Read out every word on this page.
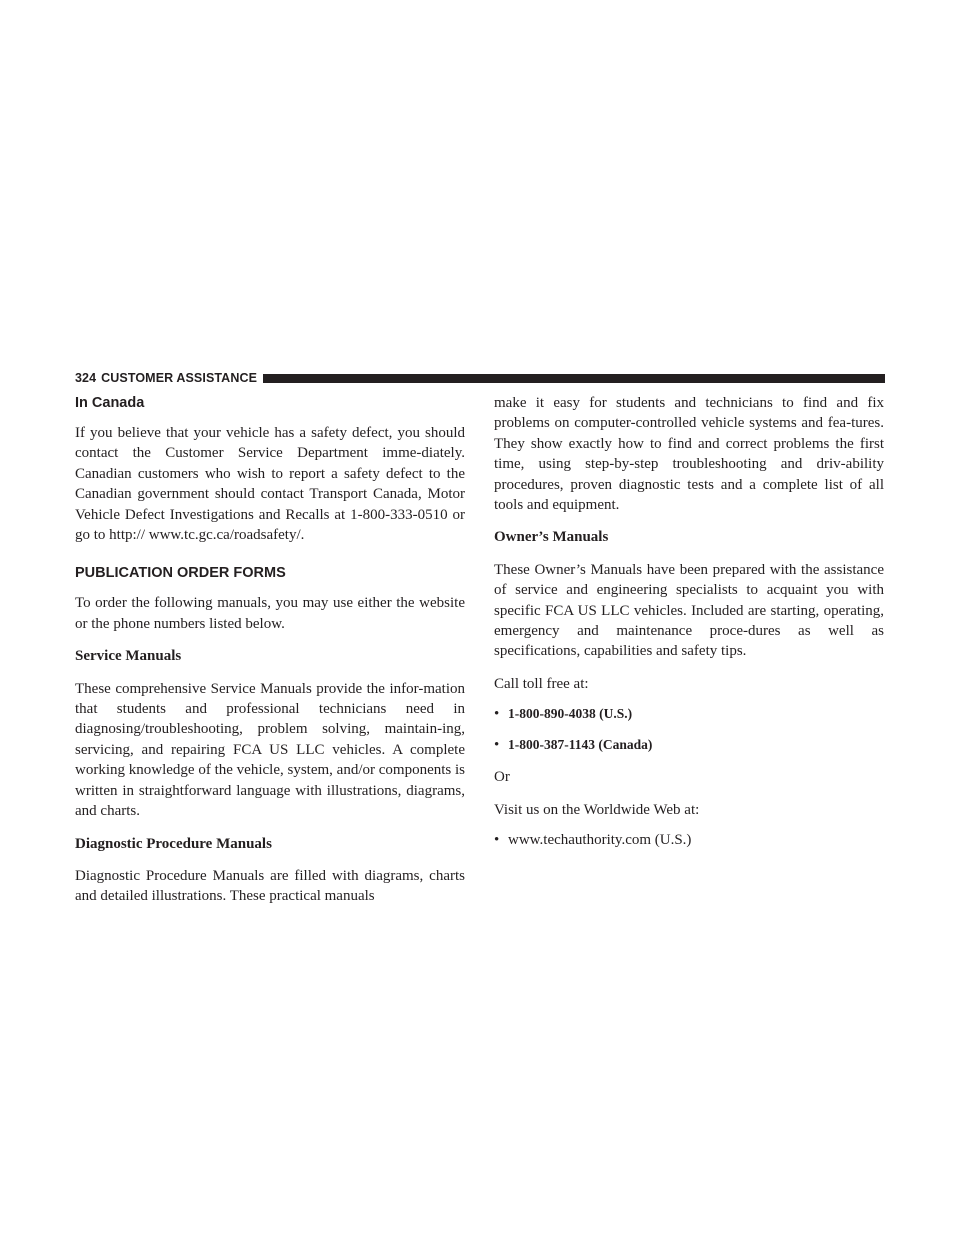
324 CUSTOMER ASSISTANCE
In Canada

If you believe that your vehicle has a safety defect, you should contact the Customer Service Department imme-diately. Canadian customers who wish to report a safety defect to the Canadian government should contact Transport Canada, Motor Vehicle Defect Investigations and Recalls at 1-800-333-0510 or go to http:// www.tc.gc.ca/roadsafety/.

PUBLICATION ORDER FORMS

To order the following manuals, you may use either the website or the phone numbers listed below.

Service Manuals

These comprehensive Service Manuals provide the infor-mation that students and professional technicians need in diagnosing/troubleshooting, problem solving, maintain-ing, servicing, and repairing FCA US LLC vehicles. A complete working knowledge of the vehicle, system, and/or components is written in straightforward language with illustrations, diagrams, and charts.

Diagnostic Procedure Manuals

Diagnostic Procedure Manuals are filled with diagrams, charts and detailed illustrations. These practical manuals

make it easy for students and technicians to find and fix problems on computer-controlled vehicle systems and fea-tures. They show exactly how to find and correct problems the first time, using step-by-step troubleshooting and driv-ability procedures, proven diagnostic tests and a complete list of all tools and equipment.

Owner’s Manuals

These Owner’s Manuals have been prepared with the assistance of service and engineering specialists to acquaint you with specific FCA US LLC vehicles. Included are starting, operating, emergency and maintenance proce-dures as well as specifications, capabilities and safety tips.

Call toll free at:

• 1-800-890-4038 (U.S.)
• 1-800-387-1143 (Canada)

Or

Visit us on the Worldwide Web at:

• www.techauthority.com (U.S.)
